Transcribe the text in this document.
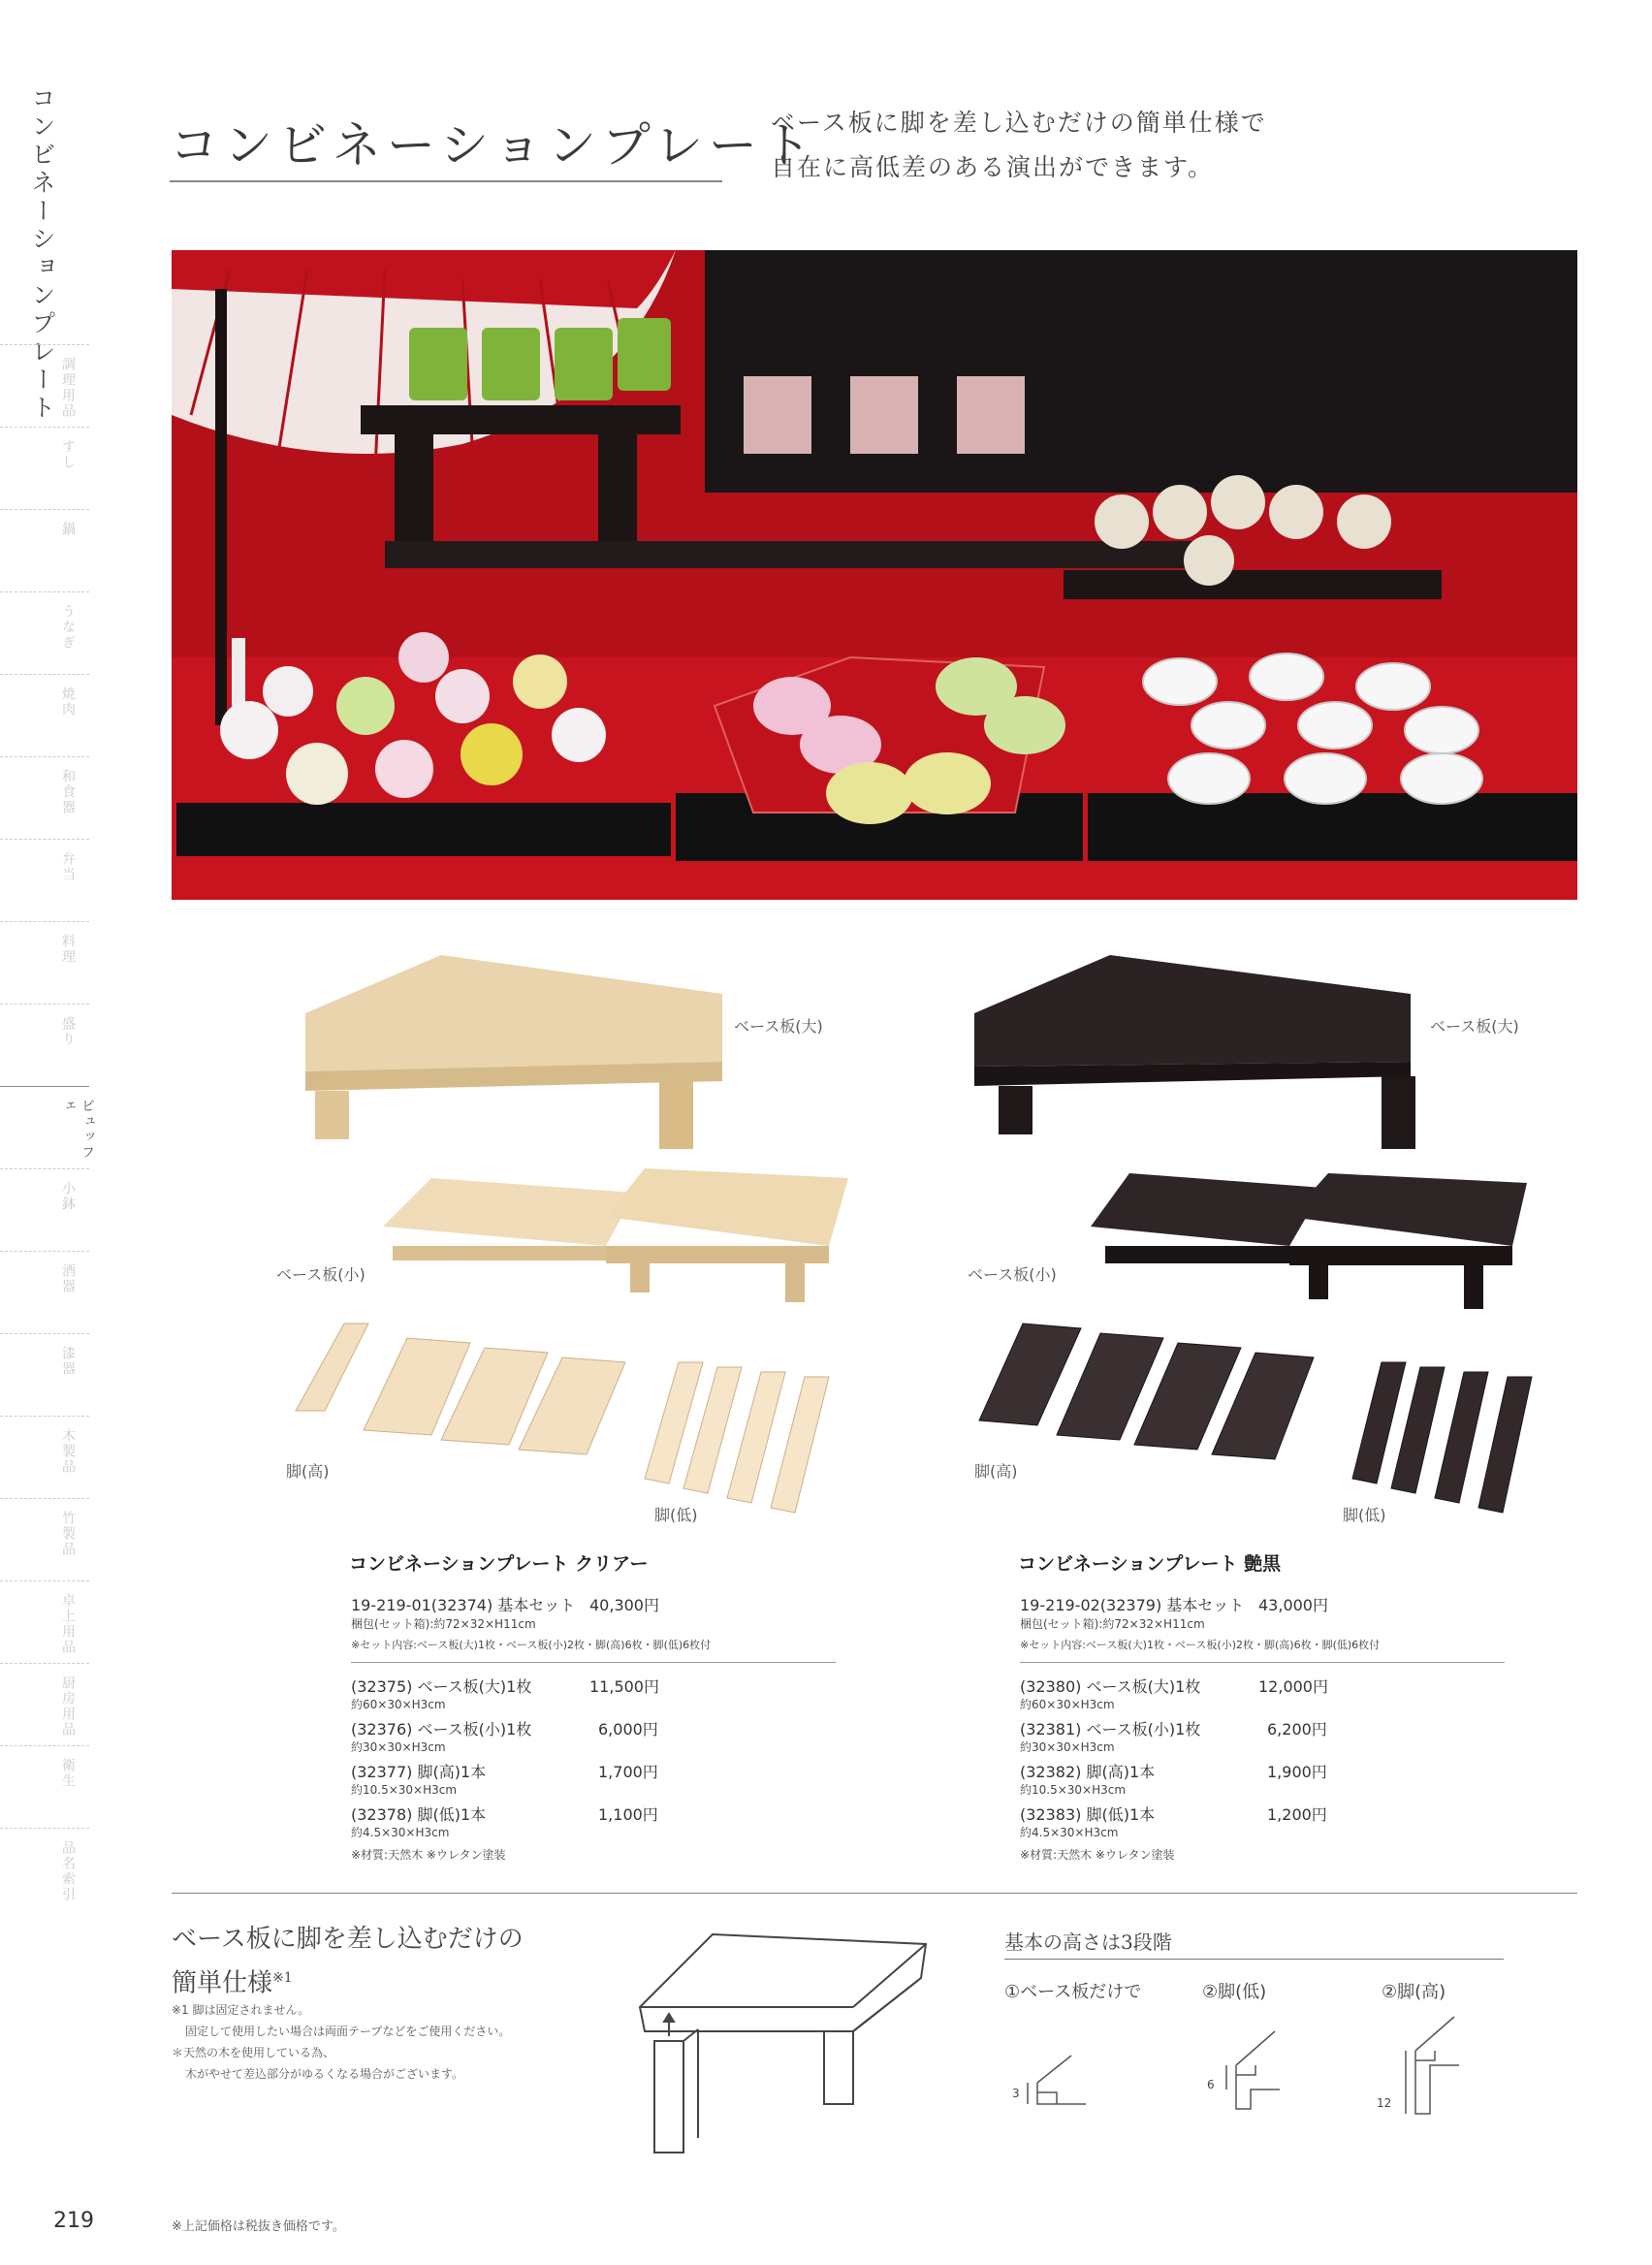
コンビネーションプレート 調理用品
すし
鍋
うなぎ
焼肉
和食器
弁当
料理
盛り
ビュッフェ
小鉢
酒器
漆器
木製品
竹製品
卓上用品
厨房用品
衛生
品名索引
コンビネーションプレート
ベース板に脚を差し込むだけの簡単仕様で
自在に高低差のある演出ができます。
ベース板(大)
ベース板(小)
脚(高)
脚(低)
ベース板(大)
ベース板(小)
脚(高)
脚(低)
コンビネーションプレート クリアー
19-219-01(32374) 基本セット 40,300円
梱包(セット箱):約72×32×H11cm
※セット内容:ベース板(大)1枚・ベース板(小)2枚・脚(高)6枚・脚(低)6枚付
(32375) ベース板(大)1枚	11,500円
約60×30×H3cm
(32376) ベース板(小)1枚	6,000円
約30×30×H3cm
(32377) 脚(高)1本	1,700円
約10.5×30×H3cm
(32378) 脚(低)1本	1,100円
約4.5×30×H3cm
※材質:天然木 ※ウレタン塗装
コンビネーションプレート 艶黒
19-219-02(32379) 基本セット 43,000円
梱包(セット箱):約72×32×H11cm
※セット内容:ベース板(大)1枚・ベース板(小)2枚・脚(高)6枚・脚(低)6枚付
(32380) ベース板(大)1枚	12,000円
約60×30×H3cm
(32381) ベース板(小)1枚	6,200円
約30×30×H3cm
(32382) 脚(高)1本	1,900円
約10.5×30×H3cm
(32383) 脚(低)1本	1,200円
約4.5×30×H3cm
※材質:天然木 ※ウレタン塗装
ベース板に脚を差し込むだけの
簡単仕様$^{※1}$
※1 脚は固定されません。
固定して使用したい場合は両面テープなどをご使用ください。
＊天然の木を使用している為、
木がやせて差込部分がゆるくなる場合がございます。
基本の高さは3段階
①ベース板だけで	②脚(低)	②脚(高)
3
6
12
219	※上記価格は税抜き価格です。
